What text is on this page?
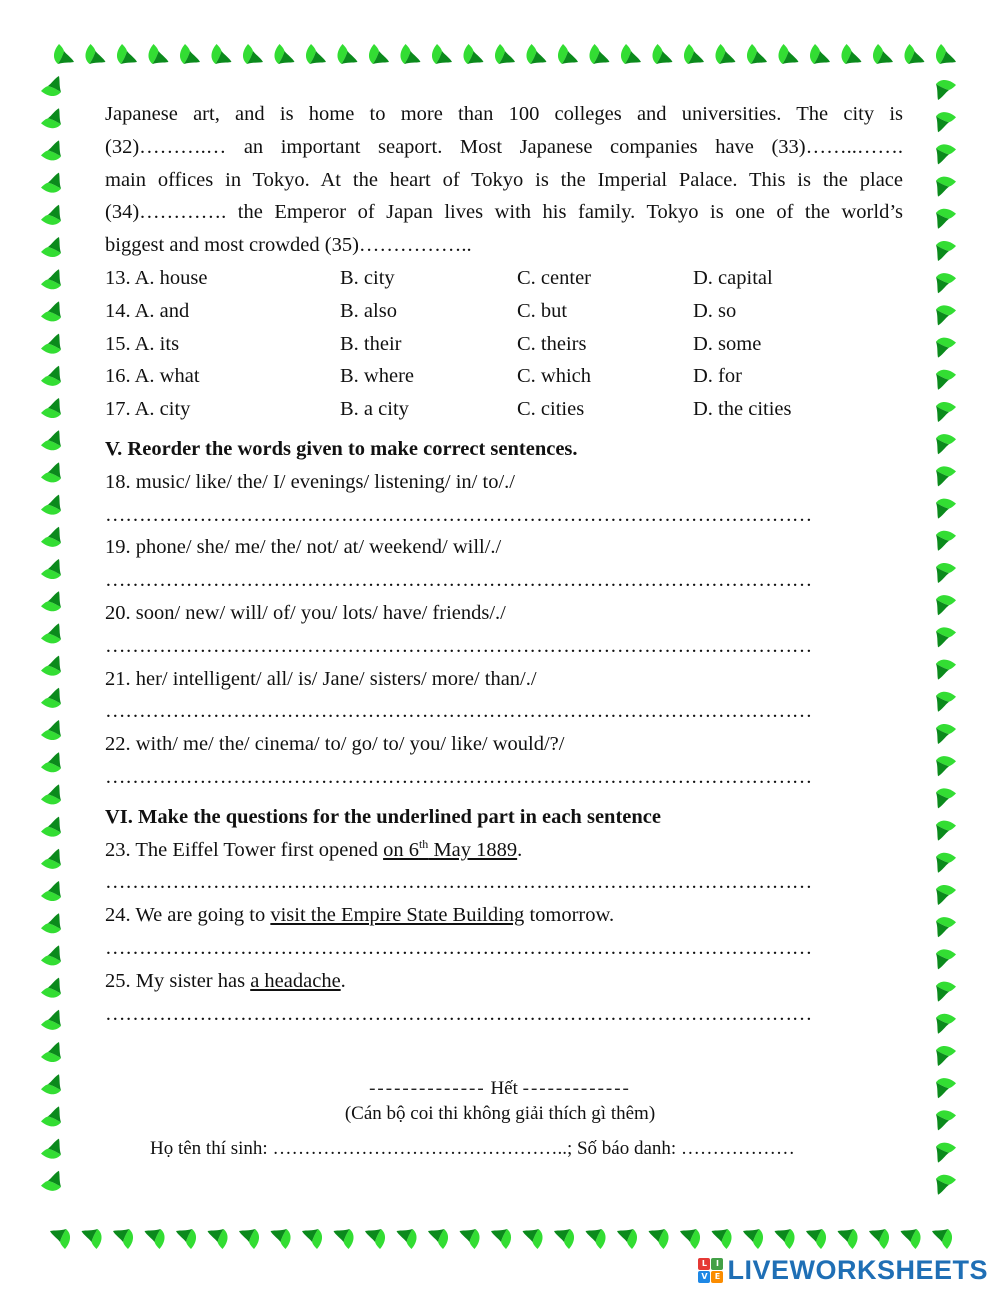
Japanese art, and is home to more than 100 colleges and universities. The city is
(32)……….… an important seaport. Most Japanese companies have (33)……..…….
main offices in Tokyo. At the heart of Tokyo is the Imperial Palace. This is the place
(34)…………. the Emperor of Japan lives with his family. Tokyo is one of the world’s
biggest and most crowded (35)……………..
13. A. house	B. city	C. center	D. capital
14. A. and	B. also	C. but	D. so
15. A. its	B. their	C. theirs	D. some
16. A. what	B. where	C. which	D. for
17. A. city	B. a city	C. cities	D. the cities
V. Reorder the words given to make correct sentences.
18. music/ like/ the/ I/ evenings/ listening/ in/ to/./
……………………………………………………………………………………………
19. phone/ she/ me/ the/ not/ at/ weekend/ will/./
……………………………………………………………………………………………
20. soon/ new/ will/ of/ you/ lots/ have/ friends/./
……………………………………………………………………………………………
21. her/ intelligent/ all/ is/ Jane/ sisters/ more/ than/./
……………………………………………………………………………………………
22. with/ me/ the/ cinema/ to/ go/ to/ you/ like/ would/?/
……………………………………………………………………………………………
VI. Make the questions for the underlined part in each sentence
23. The Eiffel Tower first opened on 6th May 1889.
……………………………………………………………………………………………
24. We are going to visit the Empire State Building tomorrow.
……………………………………………………………………………………………
25. My sister has a headache.
……………………………………………………………………………………………
-------------- Hết -------------
(Cán bộ coi thi không giải thích gì thêm)
Họ tên thí sinh: ………………………………………..; Số báo danh: ………………
L	I
V E LIVEWORKSHEETS
